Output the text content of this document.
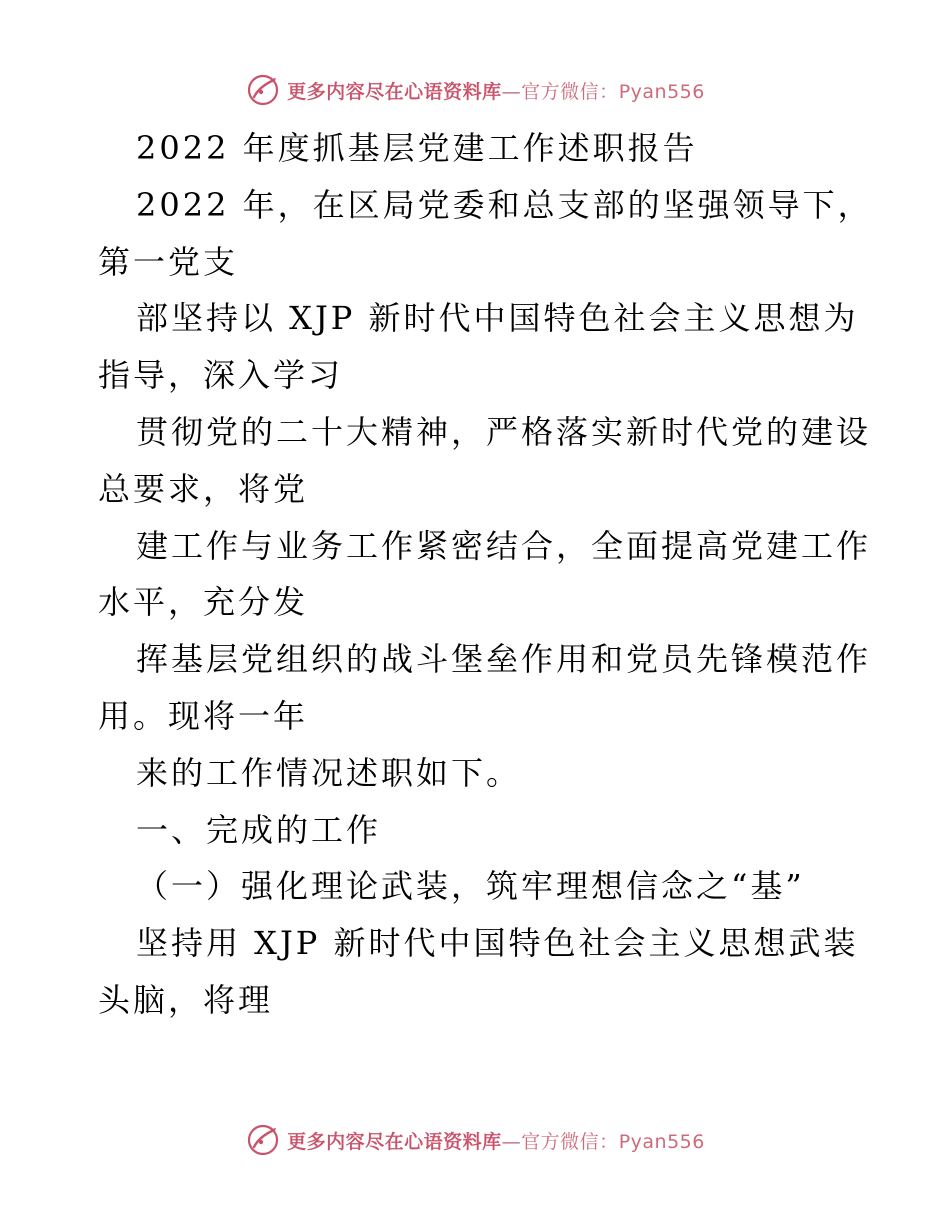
更多内容尽在心语资料库—官方微信：Pyan556
2022 年度抓基层党建工作述职报告
2022 年，在区局党委和总支部的坚强领导下，
第一党支
部坚持以 XJP 新时代中国特色社会主义思想为
指导，深入学习
贯彻党的二十大精神，严格落实新时代党的建设
总要求，将党
建工作与业务工作紧密结合，全面提高党建工作
水平，充分发
挥基层党组织的战斗堡垒作用和党员先锋模范作
用。现将一年
来的工作情况述职如下。
一、完成的工作
（一）强化理论武装，筑牢理想信念之“基”
坚持用 XJP 新时代中国特色社会主义思想武装
头脑，将理
更多内容尽在心语资料库—官方微信：Pyan556
